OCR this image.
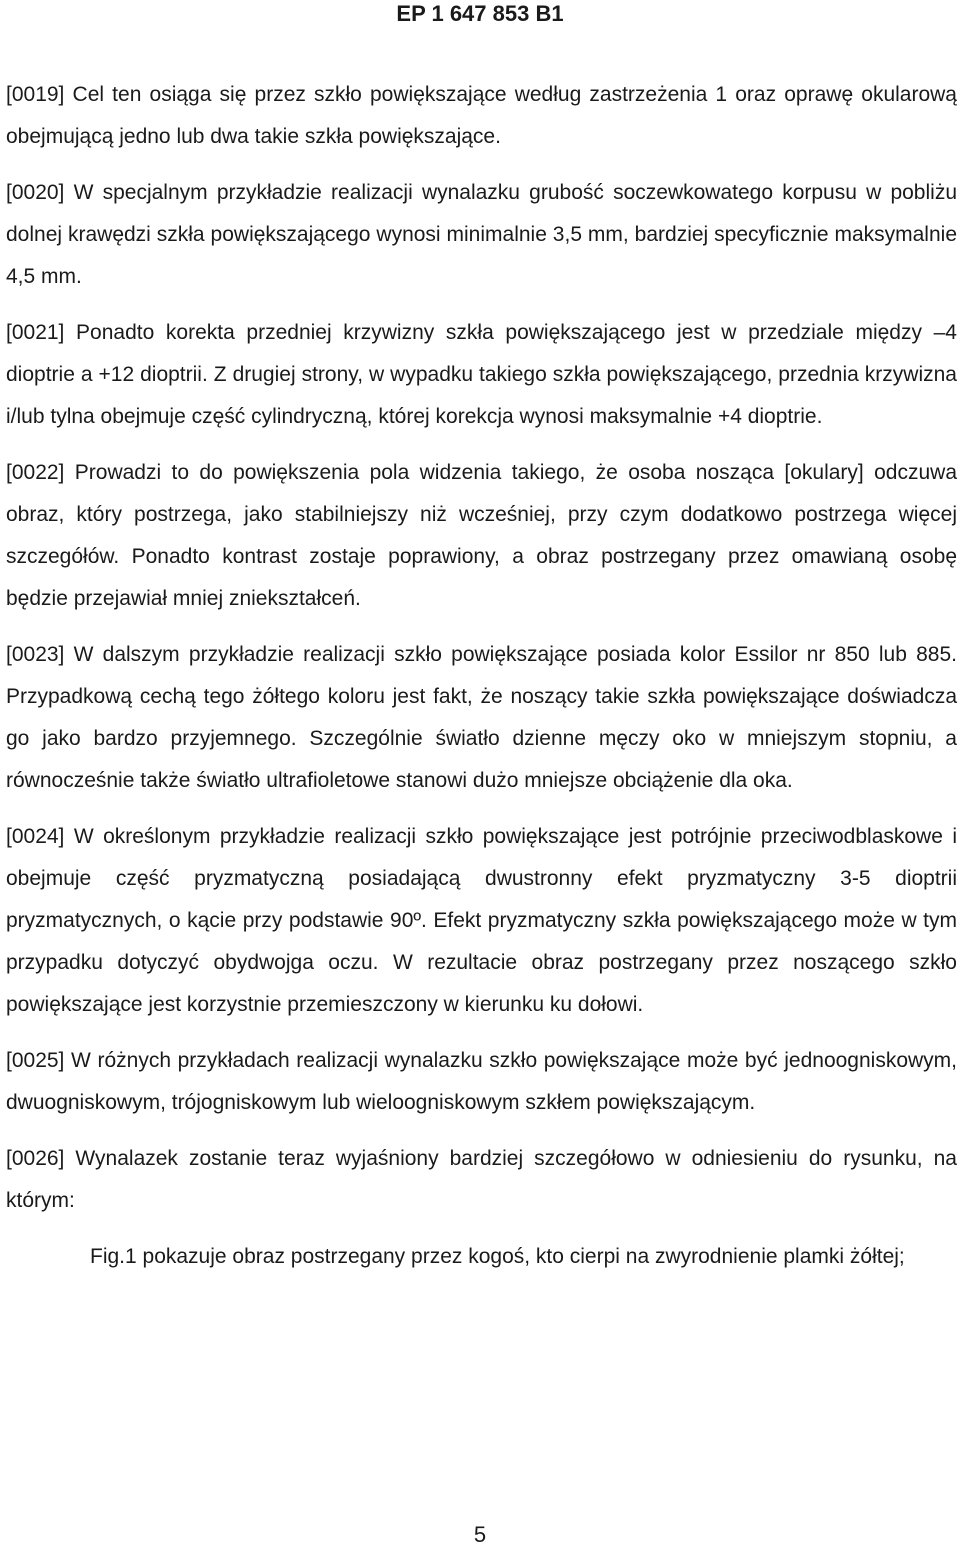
EP 1 647 853 B1

[0019] Cel ten osiąga się przez szkło powiększające według zastrzeżenia 1 oraz oprawę okularową obejmującą jedno lub dwa takie szkła powiększające.

[0020] W specjalnym przykładzie realizacji wynalazku grubość soczewkowatego korpusu w pobliżu dolnej krawędzi szkła powiększającego wynosi minimalnie 3,5 mm, bardziej specyficznie maksymalnie 4,5 mm.

[0021] Ponadto korekta przedniej krzywizny szkła powiększającego jest w przedziale między –4 dioptrie a +12 dioptrii. Z drugiej strony, w wypadku takiego szkła powiększającego, przednia krzywizna i/lub tylna obejmuje część cylindryczną, której korekcja wynosi maksymalnie +4 dioptrie.

[0022] Prowadzi to do powiększenia pola widzenia takiego, że osoba nosząca [okulary] odczuwa obraz, który postrzega, jako stabilniejszy niż wcześniej, przy czym dodatkowo postrzega więcej szczegółów. Ponadto kontrast zostaje poprawiony, a obraz postrzegany przez omawianą osobę będzie przejawiał mniej zniekształceń.

[0023] W dalszym przykładzie realizacji szkło powiększające posiada kolor Essilor nr 850 lub 885. Przypadkową cechą tego żółtego koloru jest fakt, że noszący takie szkła powiększające doświadcza go jako bardzo przyjemnego. Szczególnie światło dzienne męczy oko w mniejszym stopniu, a równocześnie także światło ultrafioletowe stanowi dużo mniejsze obciążenie dla oka.

[0024] W określonym przykładzie realizacji szkło powiększające jest potrójnie przeciwodblaskowe i obejmuje część pryzmatyczną posiadającą dwustronny efekt pryzmatyczny 3-5 dioptrii pryzmatycznych, o kącie przy podstawie 90º. Efekt pryzmatyczny szkła powiększającego może w tym przypadku dotyczyć obydwojga oczu. W rezultacie obraz postrzegany przez noszącego szkło powiększające jest korzystnie przemieszczony w kierunku ku dołowi.

[0025] W różnych przykładach realizacji wynalazku szkło powiększające może być jednoogniskowym, dwuogniskowym, trójogniskowym lub wieloogniskowym szkłem powiększającym.

[0026] Wynalazek zostanie teraz wyjaśniony bardziej szczegółowo w odniesieniu do rysunku, na którym:

Fig.1 pokazuje obraz postrzegany przez kogoś, kto cierpi na zwyrodnienie plamki żółtej;

5
